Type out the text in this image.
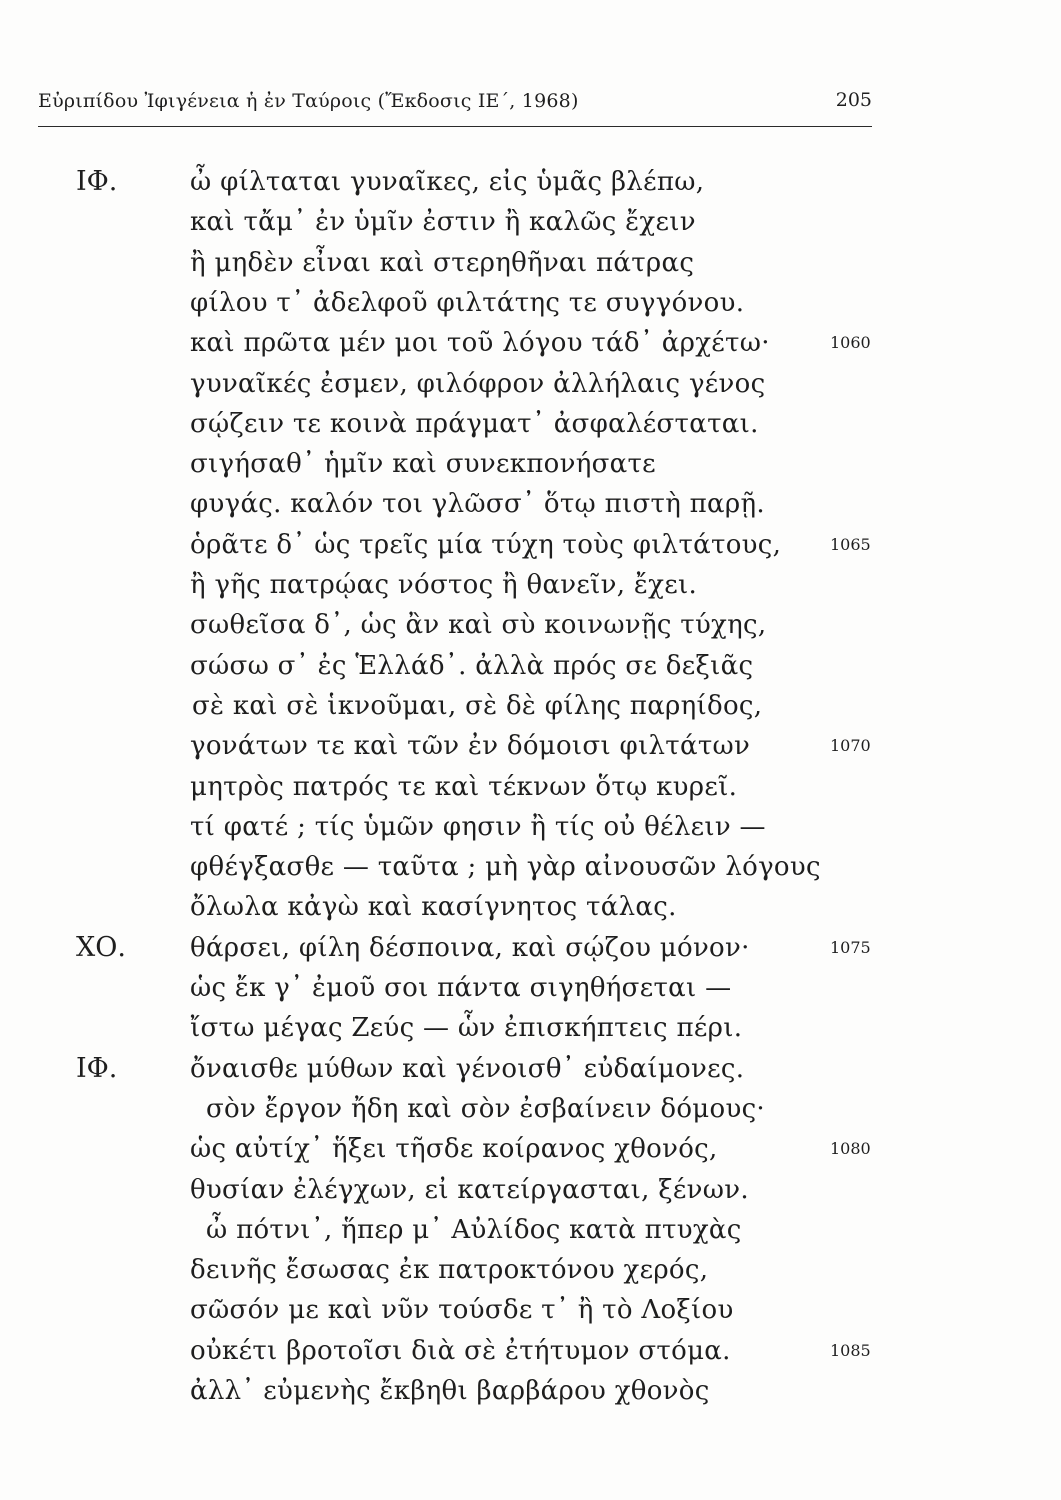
Εὐριπίδου Ἰφιγένεια ἡ ἐν Ταύροις (Ἔκδοσις ΙΕ΄, 1968)	205
ΙΦ.	ὦ φίλταται γυναῖκες, εἰς ὑμᾶς βλέπω,
καὶ τἄμ᾽ ἐν ὑμῖν ἐστιν ἢ καλῶς ἔχειν
ἢ μηδὲν εἶναι καὶ στερηθῆναι πάτρας
φίλου τ᾽ ἀδελφοῦ φιλτάτης τε συγγόνου.
καὶ πρῶτα μέν μοι τοῦ λόγου τάδ᾽ ἀρχέτω·	1060
γυναῖκές ἐσμεν, φιλόφρον ἀλλήλαις γένος
σῴζειν τε κοινὰ πράγματ᾽ ἀσφαλέσταται.
σιγήσαθ᾽ ἡμῖν καὶ συνεκπονήσατε
φυγάς. καλόν τοι γλῶσσ᾽ ὅτῳ πιστὴ παρῇ.
ὁρᾶτε δ᾽ ὡς τρεῖς μία τύχη τοὺς φιλτάτους,	1065
ἢ γῆς πατρῴας νόστος ἢ θανεῖν, ἔχει.
σωθεῖσα δ᾽, ὡς ἂν καὶ σὺ κοινωνῇς τύχης,
σώσω σ᾽ ἐς Ἑλλάδ᾽. ἀλλὰ πρός σε δεξιᾶς
σὲ καὶ σὲ ἱκνοῦμαι, σὲ δὲ φίλης παρηίδος,
γονάτων τε καὶ τῶν ἐν δόμοισι φιλτάτων	1070
μητρὸς πατρός τε καὶ τέκνων ὅτῳ κυρεῖ.
τί φατέ ; τίς ὑμῶν φησιν ἢ τίς οὐ θέλειν —
φθέγξασθε — ταῦτα ; μὴ γὰρ αἰνουσῶν λόγους
ὄλωλα κἀγὼ καὶ κασίγνητος τάλας.
ΧΟ. θάρσει, φίλη δέσποινα, καὶ σῴζου μόνον·	1075
ὡς ἔκ γ᾽ ἐμοῦ σοι πάντα σιγηθήσεται —
ἴστω μέγας Ζεύς — ὧν ἐπισκήπτεις πέρι.
ΙΦ.	ὄναισθε μύθων καὶ γένοισθ᾽ εὐδαίμονες.
σὸν ἔργον ἤδη καὶ σὸν ἐσβαίνειν δόμους·
ὡς αὐτίχ᾽ ἥξει τῆσδε κοίρανος χθονός,	1080
θυσίαν ἐλέγχων, εἰ κατείργασται, ξένων.
ὦ πότνι᾽, ἥπερ μ᾽ Αὐλίδος κατὰ πτυχὰς
δεινῆς ἔσωσας ἐκ πατροκτόνου χερός,
σῶσόν με καὶ νῦν τούσδε τ᾽ ἢ τὸ Λοξίου
οὐκέτι βροτοῖσι διὰ σὲ ἐτήτυμον στόμα.	1085
ἀλλ᾽ εὐμενὴς ἔκβηθι βαρβάρου χθονὸς
